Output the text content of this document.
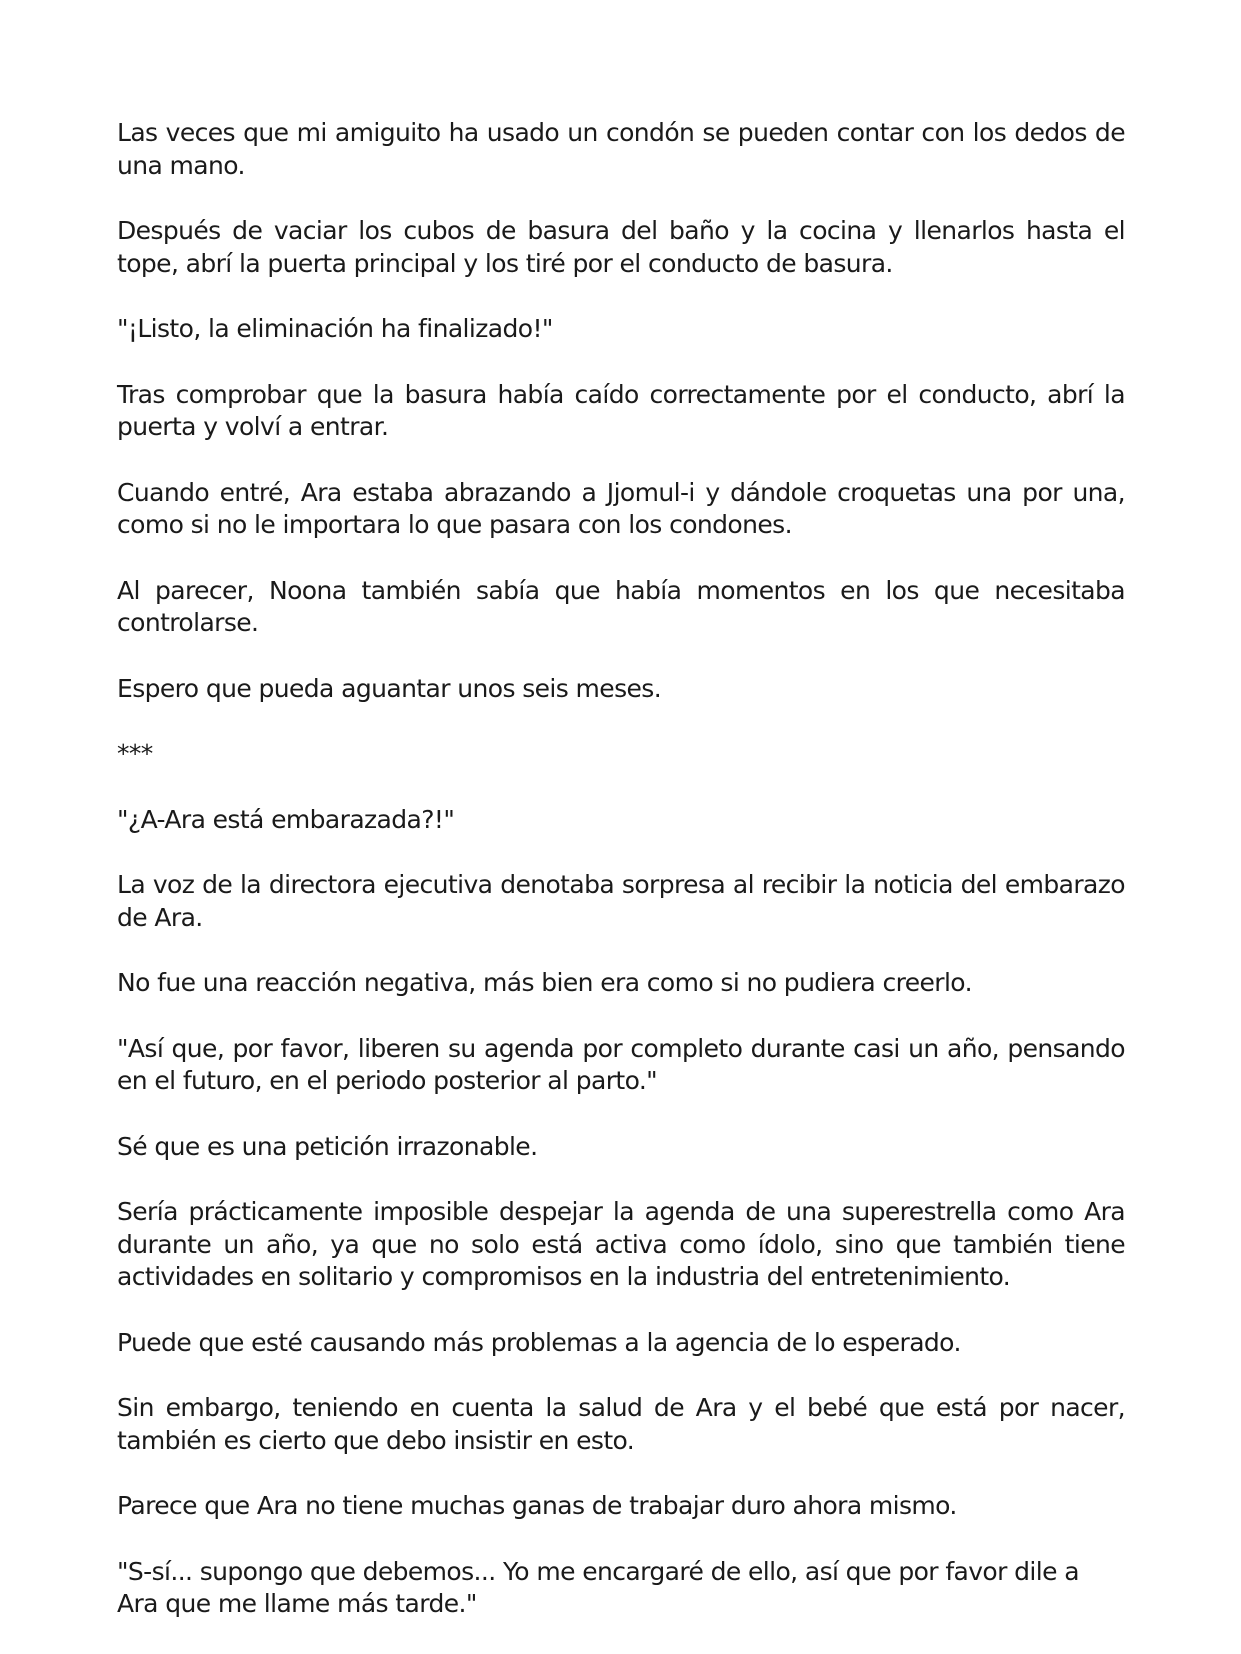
Las veces que mi amiguito ha usado un condón se pueden contar con los dedos de una mano.

Después de vaciar los cubos de basura del baño y la cocina y llenarlos hasta el tope, abrí la puerta principal y los tiré por el conducto de basura.

"¡Listo, la eliminación ha finalizado!"

Tras comprobar que la basura había caído correctamente por el conducto, abrí la puerta y volví a entrar.

Cuando entré, Ara estaba abrazando a Jjomul-i y dándole croquetas una por una, como si no le importara lo que pasara con los condones.

Al parecer, Noona también sabía que había momentos en los que necesitaba controlarse.

Espero que pueda aguantar unos seis meses.

***

"¿A-Ara está embarazada?!"

La voz de la directora ejecutiva denotaba sorpresa al recibir la noticia del embarazo de Ara.

No fue una reacción negativa, más bien era como si no pudiera creerlo.

"Así que, por favor, liberen su agenda por completo durante casi un año, pensando en el futuro, en el periodo posterior al parto."

Sé que es una petición irrazonable.

Sería prácticamente imposible despejar la agenda de una superestrella como Ara durante un año, ya que no solo está activa como ídolo, sino que también tiene actividades en solitario y compromisos en la industria del entretenimiento.

Puede que esté causando más problemas a la agencia de lo esperado.

Sin embargo, teniendo en cuenta la salud de Ara y el bebé que está por nacer, también es cierto que debo insistir en esto.

Parece que Ara no tiene muchas ganas de trabajar duro ahora mismo.

"S-sí... supongo que debemos... Yo me encargaré de ello, así que por favor dile a Ara que me llame más tarde."
